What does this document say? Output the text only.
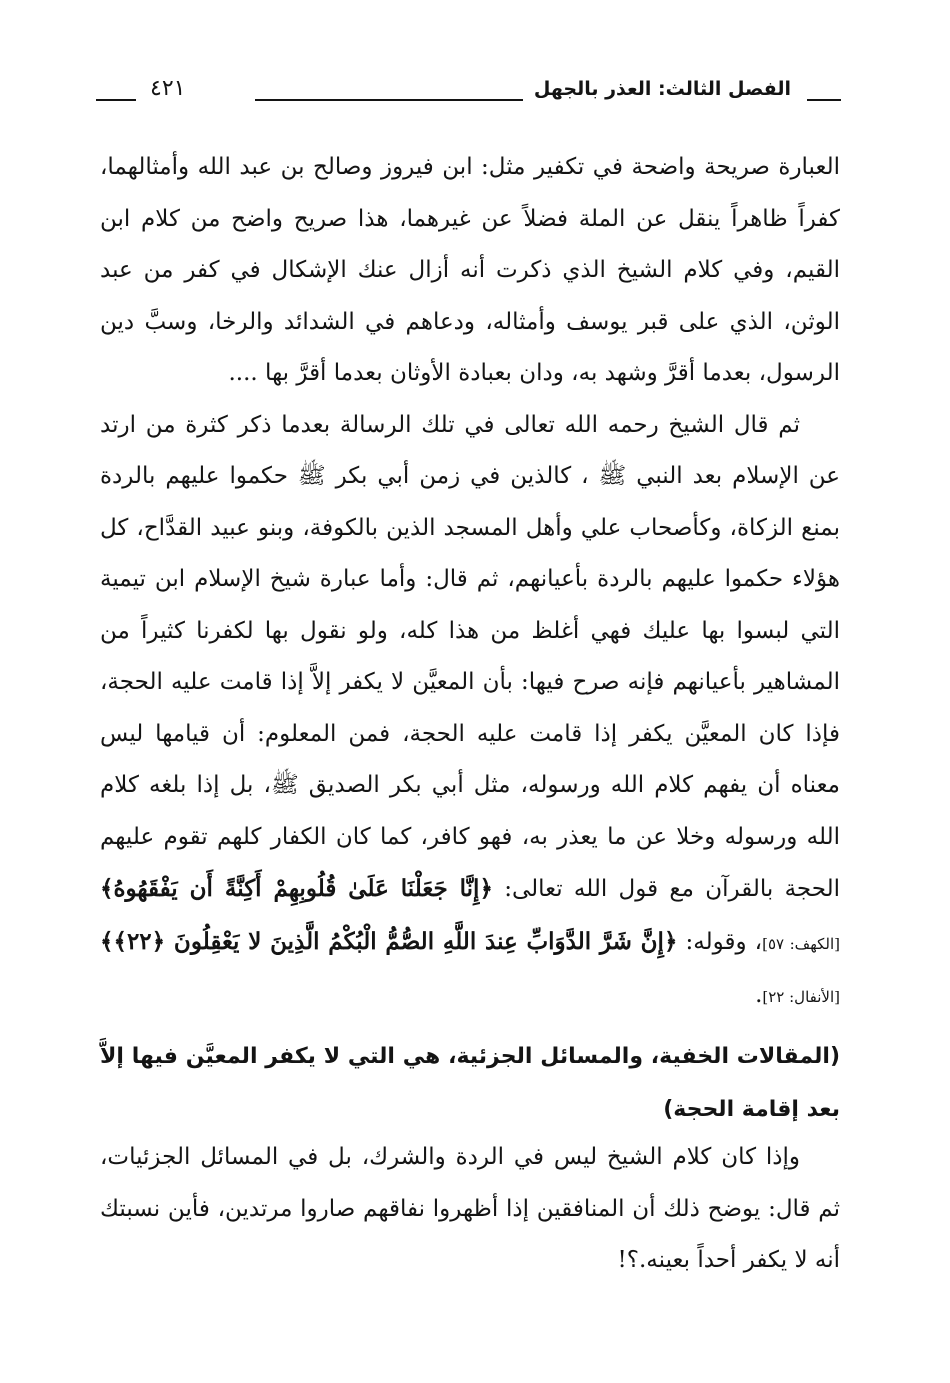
الفصل الثالث: العذر بالجهل
٤٢١

العبارة صريحة واضحة في تكفير مثل: ابن فيروز وصالح بن عبد الله وأمثالهما، كفراً ظاهراً ينقل عن الملة فضلاً عن غيرهما، هذا صريح واضح من كلام ابن القيم، وفي كلام الشيخ الذي ذكرت أنه أزال عنك الإشكال في كفر من عبد الوثن، الذي على قبر يوسف وأمثاله، ودعاهم في الشدائد والرخا، وسبَّ دين الرسول، بعدما أقرَّ وشهد به، ودان بعبادة الأوثان بعدما أقرَّ بها ....

ثم قال الشيخ رحمه الله تعالى في تلك الرسالة بعدما ذكر كثرة من ارتد عن الإسلام بعد النبي ﷺ ، كالذين في زمن أبي بكر ﷺ حكموا عليهم بالردة بمنع الزكاة، وكأصحاب علي وأهل المسجد الذين بالكوفة، وبنو عبيد القدَّاح، كل هؤلاء حكموا عليهم بالردة بأعيانهم، ثم قال: وأما عبارة شيخ الإسلام ابن تيمية التي لبسوا بها عليك فهي أغلظ من هذا كله، ولو نقول بها لكفرنا كثيراً من المشاهير بأعيانهم فإنه صرح فيها: بأن المعيَّن لا يكفر إلاَّ إذا قامت عليه الحجة، فإذا كان المعيَّن يكفر إذا قامت عليه الحجة، فمن المعلوم: أن قيامها ليس معناه أن يفهم كلام الله ورسوله، مثل أبي بكر الصديق ﷺ، بل إذا بلغه كلام الله ورسوله وخلا عن ما يعذر به، فهو كافر، كما كان الكفار كلهم تقوم عليهم الحجة بالقرآن مع قول الله تعالى: ﴿إِنَّا جَعَلْنَا عَلَىٰ قُلُوبِهِمْ أَكِنَّةً أَن يَفْقَهُوهُ﴾ [الكهف: ٥٧]، وقوله: ﴿إِنَّ شَرَّ الدَّوَابِّ عِندَ اللَّهِ الصُّمُّ الْبُكْمُ الَّذِينَ لا يَعْقِلُونَ ﴿٢٢﴾﴾ [الأنفال: ٢٢].

(المقالات الخفية، والمسائل الجزئية، هي التي لا يكفر المعيَّن فيها إلاَّ بعد إقامة الحجة)

وإذا كان كلام الشيخ ليس في الردة والشرك، بل في المسائل الجزئيات، ثم قال: يوضح ذلك أن المنافقين إذا أظهروا نفاقهم صاروا مرتدين، فأين نسبتك أنه لا يكفر أحداً بعينه.؟!
